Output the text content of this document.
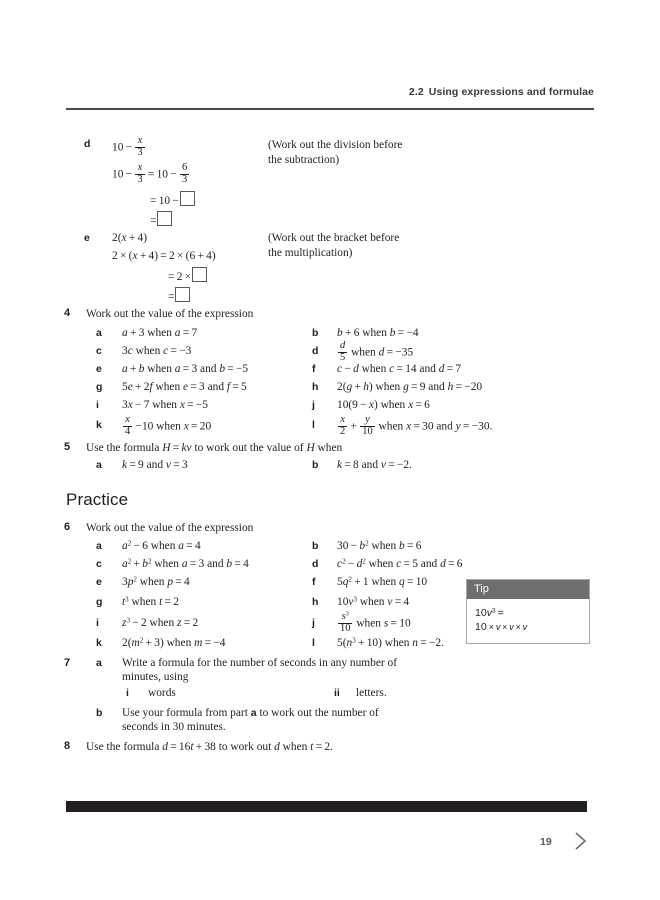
2.2 Using expressions and formulae
d $10 - \frac{x}{3}$	(Work out the division before
the subtraction)
$10 - \frac{x}{3} = 10 - \frac{6}{3}$
= 10 −
=
e 2(x + 4)	(Work out the bracket before
the multiplication)
2 × (x + 4) = 2 × (6 + 4)
= 2 ×
=
4 Work out the value of the expression
a a + 3 when a = 7	b b + 6 when b = −4
c 3c when c = −3	d $\frac{d}{5}$ when d = −35
e a + b when a = 3 and b = −5	f c − d when c = 14 and d = 7
g 5e + 2f when e = 3 and f = 5	h 2(g + h) when g = 9 and h = −20
i 3x − 7 when x = −5	j 10(9 − x) when x = 6
k $\frac{x}{4} -10$ when x = 20	l $\frac{x}{2} + \frac{y}{10}$ when x = 30 and y = −30.
5 Use the formula H = kv to work out the value of H when
a k = 9 and v = 3	b k = 8 and v = −2.
Practice
6 Work out the value of the expression
a $a^2 - 6$ when a = 4	b $30 - b^2$ when b = 6
c $a^2 + b^2$ when a = 3 and b = 4	d $c^2 - d^2$ when c = 5 and d = 6
e $3p^2$ when p = 4	f $5q^2 + 1$ when q = 10
g $t^3$ when t = 2	h $10v^3$ when v = 4
i $z^3 - 2$ when z = 2	j $\frac{s^3}{10}$ when s = 10
k $2(m^2 + 3)$ when m = −4	l $5(n^3 + 10)$ when n = −2.
Tip
$10v^3$ =
10 × v × v × v
7 a Write a formula for the number of seconds in any number of
minutes, using
i words	ii letters.
b Use your formula from part a to work out the number of
seconds in 30 minutes.
8 Use the formula d = 16t + 38 to work out d when t = 2.
19
